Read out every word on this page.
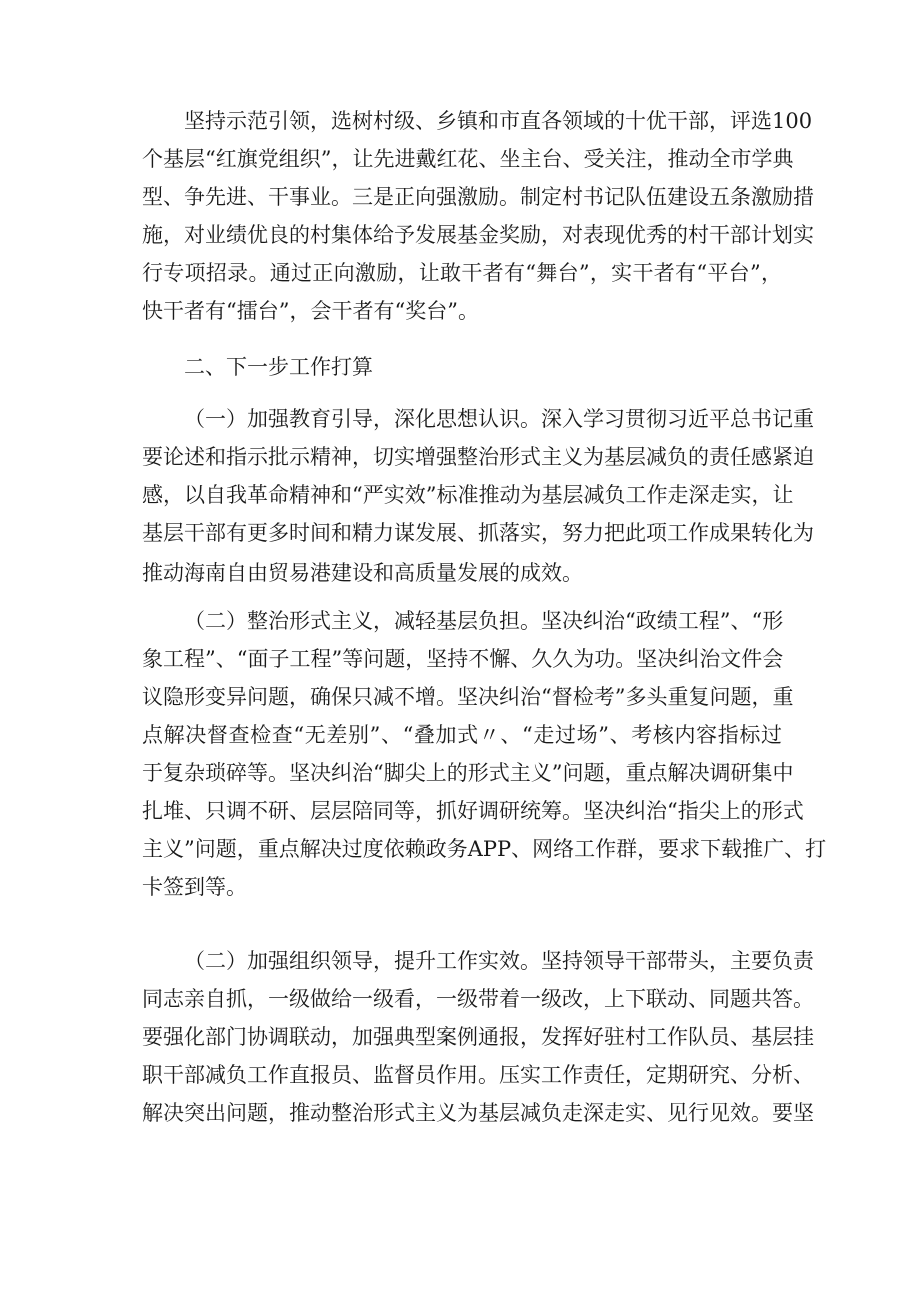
坚持示范引领，选树村级、乡镇和市直各领域的十优干部，评选100
个基层“红旗党组织”，让先进戴红花、坐主台、受关注，推动全市学典
型、争先进、干事业。三是正向强激励。制定村书记队伍建设五条激励措
施，对业绩优良的村集体给予发展基金奖励，对表现优秀的村干部计划实
行专项招录。通过正向激励，让敢干者有“舞台”，实干者有“平台”，
快干者有“擂台”，会干者有“奖台”。
二、下一步工作打算
（一）加强教育引导，深化思想认识。深入学习贯彻习近平总书记重
要论述和指示批示精神，切实增强整治形式主义为基层减负的责任感紧迫
感，以自我革命精神和“严实效”标准推动为基层减负工作走深走实，让
基层干部有更多时间和精力谋发展、抓落实，努力把此项工作成果转化为
推动海南自由贸易港建设和高质量发展的成效。
（二）整治形式主义，减轻基层负担。坚决纠治“政绩工程”、“形
象工程”、“面子工程”等问题，坚持不懈、久久为功。坚决纠治文件会
议隐形变异问题，确保只减不增。坚决纠治“督检考”多头重复问题，重
点解决督查检查“无差别”、“叠加式〃、“走过场”、考核内容指标过
于复杂琐碎等。坚决纠治“脚尖上的形式主义”问题，重点解决调研集中
扎堆、只调不研、层层陪同等，抓好调研统筹。坚决纠治“指尖上的形式
主义”问题，重点解决过度依赖政务APP、网络工作群，要求下载推广、打
卡签到等。
（二）加强组织领导，提升工作实效。坚持领导干部带头，主要负责
同志亲自抓，一级做给一级看，一级带着一级改，上下联动、同题共答。
要强化部门协调联动，加强典型案例通报，发挥好驻村工作队员、基层挂
职干部减负工作直报员、监督员作用。压实工作责任，定期研究、分析、
解决突出问题，推动整治形式主义为基层减负走深走实、见行见效。要坚
